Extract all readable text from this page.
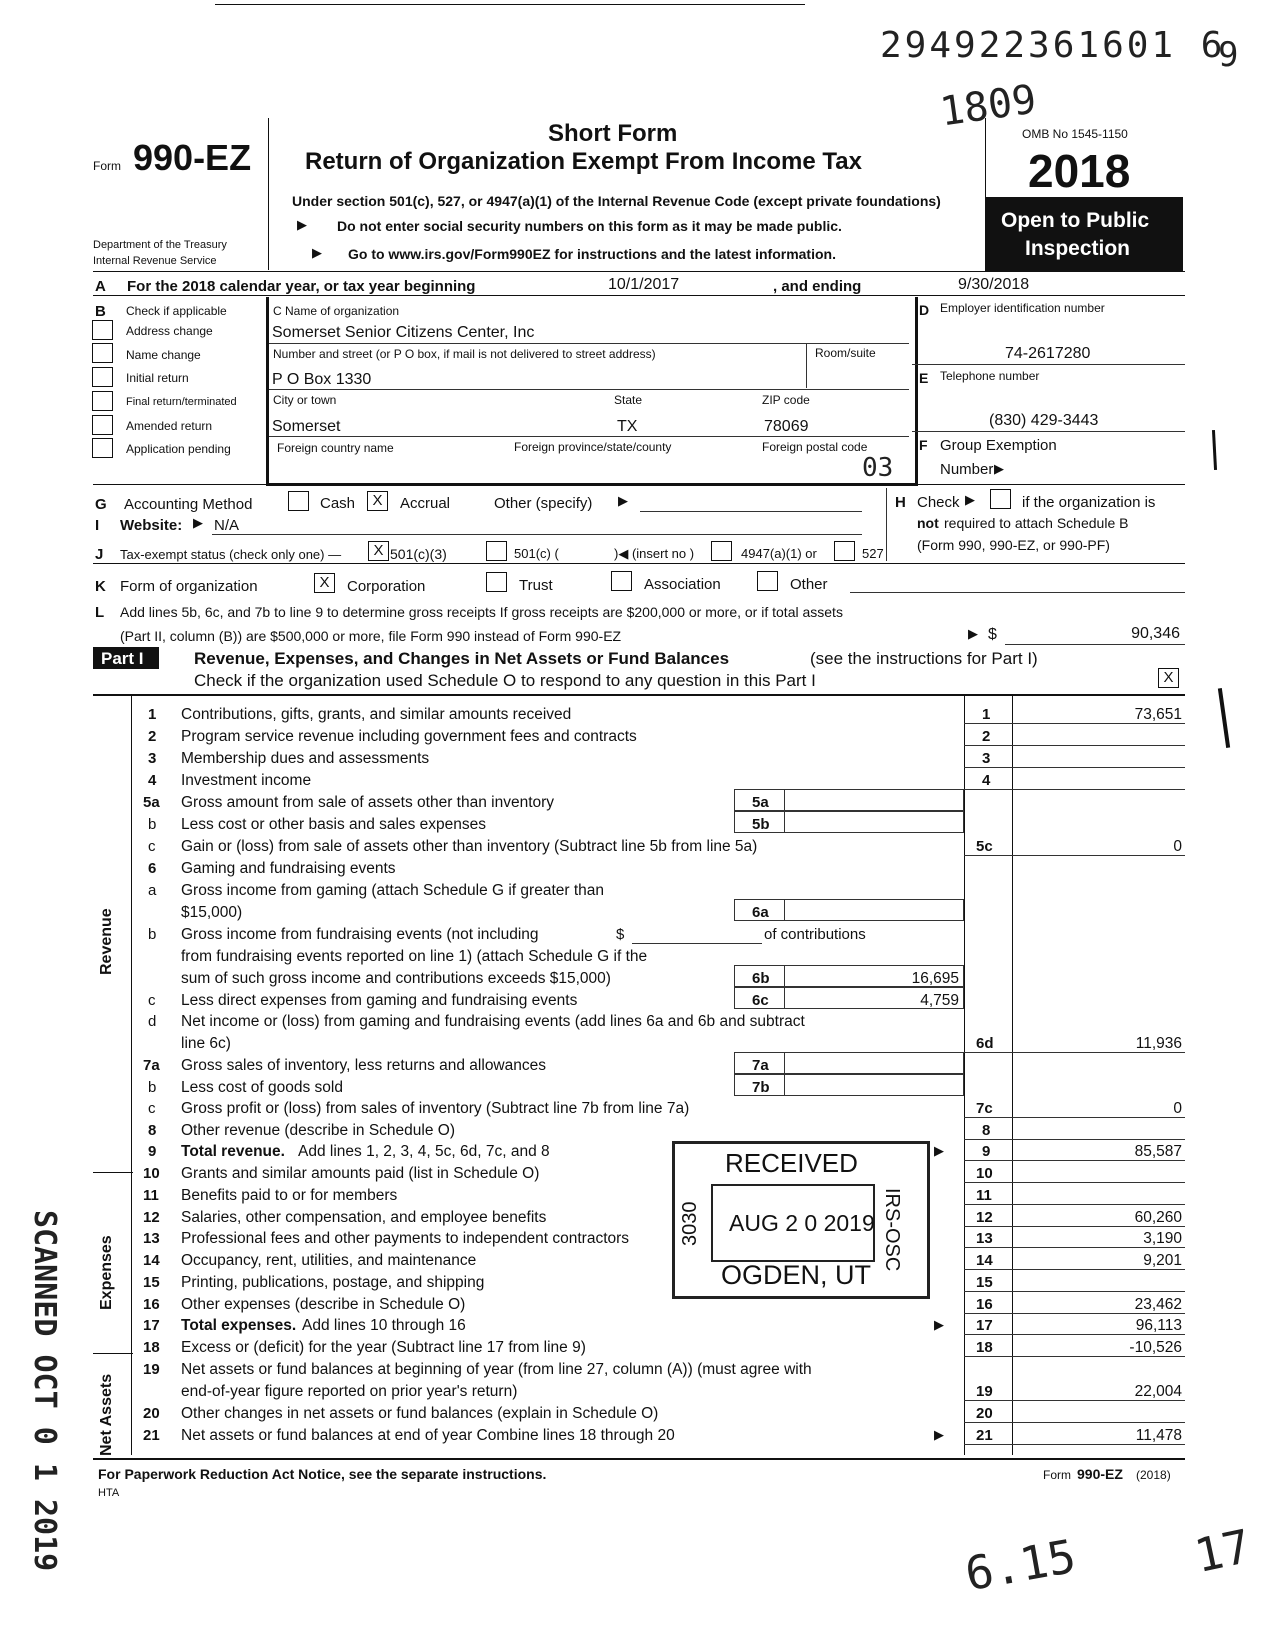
294922361601 6
9
1809
Form 990-EZ
Department of the Treasury
Internal Revenue Service
Short Form
Return of Organization Exempt From Income Tax
Under section 501(c), 527, or 4947(a)(1) of the Internal Revenue Code (except private foundations)
▶ Do not enter social security numbers on this form as it may be made public.
▶ Go to www.irs.gov/Form990EZ for instructions and the latest information.
OMB No 1545-1150
2018
Open to Public
Inspection
A For the 2018 calendar year, or tax year beginning	10/1/2017	, and ending	9/30/2018
B Check if applicable
Address change
Name change
Initial return
Final return/terminated
Amended return
Application pending
C Name of organization
Somerset Senior Citizens Center, Inc
Number and street (or P O box, if mail is not delivered to street address)	Room/suite
P O Box 1330
City or town	State	ZIP code
Somerset	TX	78069
Foreign country name	Foreign province/state/county	Foreign postal code
03
D Employer identification number
74-2617280
E Telephone number
(830) 429-3443
F Group Exemption
Number ▶
G Accounting Method	Cash	X	Accrual	Other (specify) ▶	H Check ▶	if the organization is
not required to attach Schedule B
(Form 990, 990-EZ, or 990-PF)
I Website: ▶ N/A
J Tax-exempt status (check only one) —	X 501(c)(3)	501(c) (	)◀ (insert no )	4947(a)(1) or	527
K Form of organization	X	Corporation	Trust	Association	Other
L Add lines 5b, 6c, and 7b to line 9 to determine gross receipts If gross receipts are $200,000 or more, or if total assets
(Part II, column (B)) are $500,000 or more, file Form 990 instead of Form 990-EZ	▶ $	90,346
Part I	Revenue, Expenses, and Changes in Net Assets or Fund Balances	(see the instructions for Part I)
Check if the organization used Schedule O to respond to any question in this Part I	X
Revenue
Expenses
Net Assets
1 Contributions, gifts, grants, and similar amounts received	1	73,651
2 Program service revenue including government fees and contracts	2
3 Membership dues and assessments	3
4 Investment income	4
5a Gross amount from sale of assets other than inventory	5a
b Less cost or other basis and sales expenses	5b
c Gain or (loss) from sale of assets other than inventory (Subtract line 5b from line 5a)	5c	0
6 Gaming and fundraising events
a Gross income from gaming (attach Schedule G if greater than
$15,000)	6a
b Gross income from fundraising events (not including	$	of contributions
from fundraising events reported on line 1) (attach Schedule G if the
sum of such gross income and contributions exceeds $15,000)	6b	16,695
c Less direct expenses from gaming and fundraising events	6c	4,759
d Net income or (loss) from gaming and fundraising events (add lines 6a and 6b and subtract
line 6c)	6d	11,936
7a Gross sales of inventory, less returns and allowances	7a
b Less cost of goods sold	7b
c Gross profit or (loss) from sales of inventory (Subtract line 7b from line 7a)	7c	0
8 Other revenue (describe in Schedule O)	8
9 Total revenue. Add lines 1, 2, 3, 4, 5c, 6d, 7c, and 8	9	85,587
▶
10 Grants and similar amounts paid (list in Schedule O)	10
11 Benefits paid to or for members	11
12 Salaries, other compensation, and employee benefits	12	60,260
13 Professional fees and other payments to independent contractors	13	3,190
14 Occupancy, rent, utilities, and maintenance	14	9,201
15 Printing, publications, postage, and shipping	15
16 Other expenses (describe in Schedule O)	16	23,462
17 Total expenses. Add lines 10 through 16	17	96,113
▶
18 Excess or (deficit) for the year (Subtract line 17 from line 9)	18	-10,526
19 Net assets or fund balances at beginning of year (from line 27, column (A)) (must agree with
end-of-year figure reported on prior year's return)	19	22,004
20 Other changes in net assets or fund balances (explain in Schedule O)	20
21 Net assets or fund balances at end of year Combine lines 18 through 20	21	11,478
▶
RECEIVED
AUG 2 0 2019
OGDEN, UT
3030	IRS-OSC
SCANNED OCT 0 1 2019	For Paperwork Reduction Act Notice, see the separate instructions.
HTA
Form 990-EZ (2018)
6.15 17
